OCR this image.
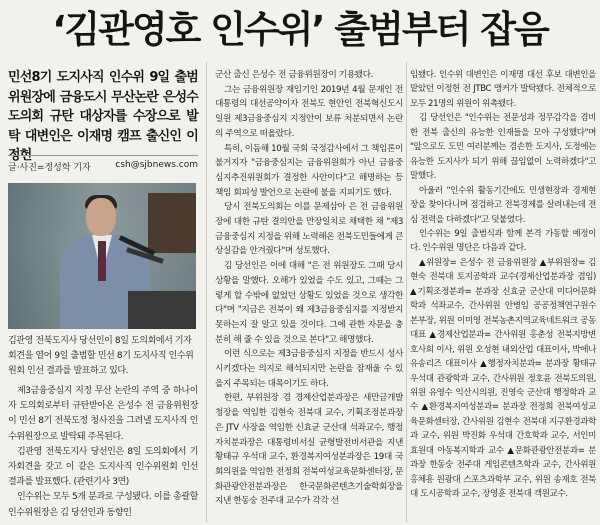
‘김관영호 인수위’ 출범부터 잡음
민선8기 도지사직 인수위 9일 출범 위원장에 금융도시 무산논란 은성수 도의회 규탄 대상자를 수장으로 발탁 대변인은 이재명 캠프 출신인 이정헌
글·사진=정성학 기자	csh@sjbnews.com

김관영 전북도지사 당선인이 8일 도의회에서 기자회견을 열어 9일 출범할 민선 8기 도지사직 인수위원회 인선 결과를 발표하고 있다.

제3금융중심지 지정 무산 논란의 주역 중 하나이자 도의회로부터 규탄받아온 은성수 전 금융위원장이 민선 8기 전북도정 청사진을 그려낼 도지사직 인수위원장으로 발탁돼 주목된다.

김관영 전북도지사 당선인은 8일 도의회에서 기자회견을 갖고 이 같은 도지사직 인수위원회 인선 결과를 발표했다. (관련기사 3면)

인수위는 모두 5개 분과로 구성됐다. 이를 총괄할 인수위원장은 김 당선인과 동향인

군산 출신 은성수 전 금융위원장이 기용됐다.

그는 금융위원장 재임기인 2019년 4월 문재인 전 대통령의 대선공약이자 전북도 현안인 전북혁신도시 일원 제3금융중심지 지정안이 보류 처분되면서 논란의 주역으로 떠올랐다.

특히, 이듬해 10월 국회 국정감사에서 그 책임론이 불거지자 "금융중심지는 금융위원회가 아닌 금융중심지추진위원회가 결정한 사안이다"고 해명하는 등 책임 회피성 발언으로 논란에 불을 지피기도 했다.

당시 전북도의회는 이를 문제삼아 은 전 금융위원장에 대한 규탄 결의안을 만장일치로 채택한 채 "제3금융중심지 지정을 위해 노력해온 전북도민들에게 큰 상실감을 안겨줬다"며 성토했다.

김 당선인은 이에 대해 "은 전 위원장도 그때 당시 상황을 말했다. 오해가 있었을 수도 있고, 그때는 그렇게 할 수밖에 없었던 상황도 있었을 것으로 생각한다"며 "지금은 전북이 왜 제3금융중심지를 지정받지 못하는지 잘 알고 있을 것이다. 그에 관한 자문을 충분히 해 줄 수 있을 것으로 본다"고 해명했다.

이런 식으로는 제3금융중심지 지정을 반드시 성사시키겠다는 의지로 해석되지만 논란을 잠재울 수 있을지 주목되는 대목이기도 하다.

한편, 부위원장 겸 경제산업분과장은 새만금개발청장을 역임한 김현숙 전북대 교수, 기획조정분과장은 JTV 사장을 역임한 신효균 군산대 석좌교수, 행정자치분과장은 대통령비서실 균형발전비서관을 지낸 황태규 우석대 교수, 환경복지여성분과장은 19대 국회의원을 역임한 전정희 전북여성교육문화센터장, 문화관광안전분과장은 한국문화콘텐츠기술학회장을 지낸 한동숭 전주대 교수가 각각 선

임됐다. 인수위 대변인은 이재명 대선 후보 대변인을 맡았던 이정헌 전 JTBC 앵커가 발탁됐다. 전체적으로 모두 21명의 위원이 위촉됐다.

김 당선인은 "인수위는 전문성과 정무감각을 겸비한 전북 출신의 유능한 인재들을 모아 구성했다"며 "앞으로도 도민 여러분께는 겸손한 도지사, 도정에는 유능한 도지사가 되기 위해 끊임없이 노력하겠다"고 말했다.

아울러 "인수위 활동기간에도 민생현장과 경제현장을 찾아다니며 점검하고 전북경제를 살려내는데 전심 전력을 다하겠다"고 덧붙였다.

인수위는 9일 출범식과 함께 본격 가동할 예정이다. 인수위원 명단은 다음과 같다.

▲위원장= 은성수 전 금융위원장 ▲부위원장= 김현숙 전북대 토지공학과 교수(경제산업분과장 겸임) ▲기획조정분과= 분과장 신효균 군산대 미디어문화학과 석좌교수, 간사위원 안병임 공공정책연구원수 본부장, 위원 이미영 전북농촌지역교육네트워크 공동대표 ▲경제산업분과= 간사위원 홍춘성 전북지방변호사회 이사, 위원 오성현 내외산업 대표이사, 박에나 유송리즈 대표이사 ▲행정자치분과= 분과장 황태규 우석대 관광학과 교수, 간사위원 정호윤 전북도의원, 위원 유영수 익산시의원, 진영숙 군산대 행정학과 교수 ▲환경복지여성분과= 분과장 전정희 전북여성교육문화센터장, 간사위원 김현수 전북대 지구환경과학과 교수, 위원 박진화 우석대 간호학과 교수, 서인미 효원대 아동복지학과 교수 ▲문화관광안전분과= 분과장 한동숭 전주대 게임콘텐츠학과 교수, 간사위원 홍체흥 원광대 스포츠과학부 교수, 위원 송재호 전북대 도시공학과 교수, 장영훈 전북대 객원교수.
